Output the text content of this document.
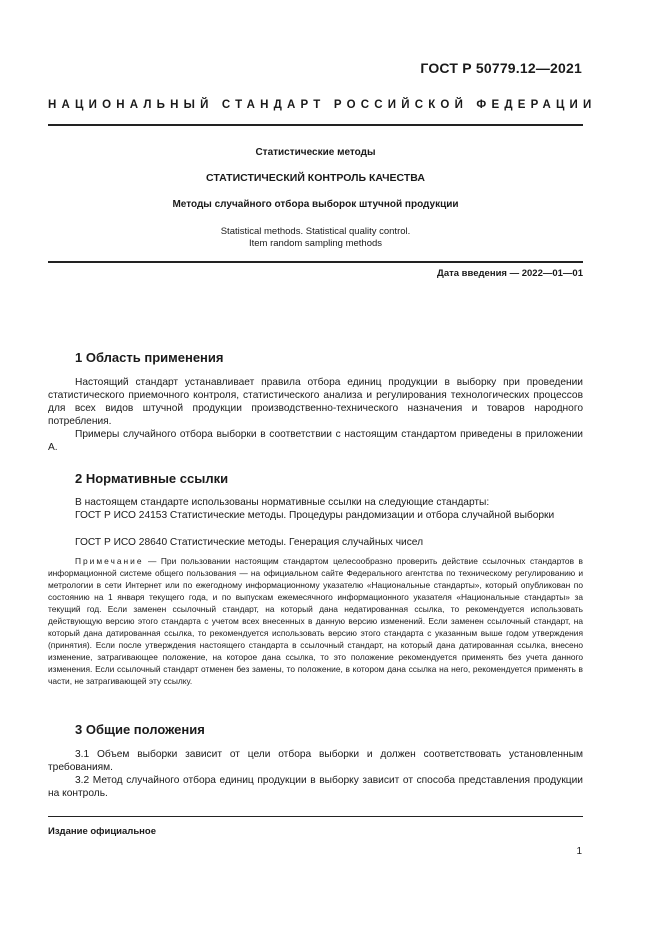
ГОСТ Р 50779.12—2021
НАЦИОНАЛЬНЫЙ СТАНДАРТ РОССИЙСКОЙ ФЕДЕРАЦИИ
Статистические методы
СТАТИСТИЧЕСКИЙ КОНТРОЛЬ КАЧЕСТВА
Методы случайного отбора выборок штучной продукции
Statistical methods. Statistical quality control.
Item random sampling methods
Дата введения — 2022—01—01
1 Область применения

Настоящий стандарт устанавливает правила отбора единиц продукции в выборку при проведении статистического приемочного контроля, статистического анализа и регулирования технологических процессов для всех видов штучной продукции производственно-технического назначения и товаров народного потребления.

Примеры случайного отбора выборки в соответствии с настоящим стандартом приведены в приложении А.

2 Нормативные ссылки

В настоящем стандарте использованы нормативные ссылки на следующие стандарты:

ГОСТ Р ИСО 24153 Статистические методы. Процедуры рандомизации и отбора случайной выборки

ГОСТ Р ИСО 28640 Статистические методы. Генерация случайных чисел

Примечание — При пользовании настоящим стандартом целесообразно проверить действие ссылочных стандартов в информационной системе общего пользования — на официальном сайте Федерального агентства по техническому регулированию и метрологии в сети Интернет или по ежегодному информационному указателю «Национальные стандарты», который опубликован по состоянию на 1 января текущего года, и по выпускам ежемесячного информационного указателя «Национальные стандарты» за текущий год. Если заменен ссылочный стандарт, на который дана недатированная ссылка, то рекомендуется использовать действующую версию этого стандарта с учетом всех внесенных в данную версию изменений. Если заменен ссылочный стандарт, на который дана датированная ссылка, то рекомендуется использовать версию этого стандарта с указанным выше годом утверждения (принятия). Если после утверждения настоящего стандарта в ссылочный стандарт, на который дана датированная ссылка, внесено изменение, затрагивающее положение, на которое дана ссылка, то это положение рекомендуется применять без учета данного изменения. Если ссылочный стандарт отменен без замены, то положение, в котором дана ссылка на него, рекомендуется применять в части, не затрагивающей эту ссылку.

3 Общие положения

3.1 Объем выборки зависит от цели отбора выборки и должен соответствовать установленным требованиям.

3.2 Метод случайного отбора единиц продукции в выборку зависит от способа представления продукции на контроль.

Издание официальное
1
